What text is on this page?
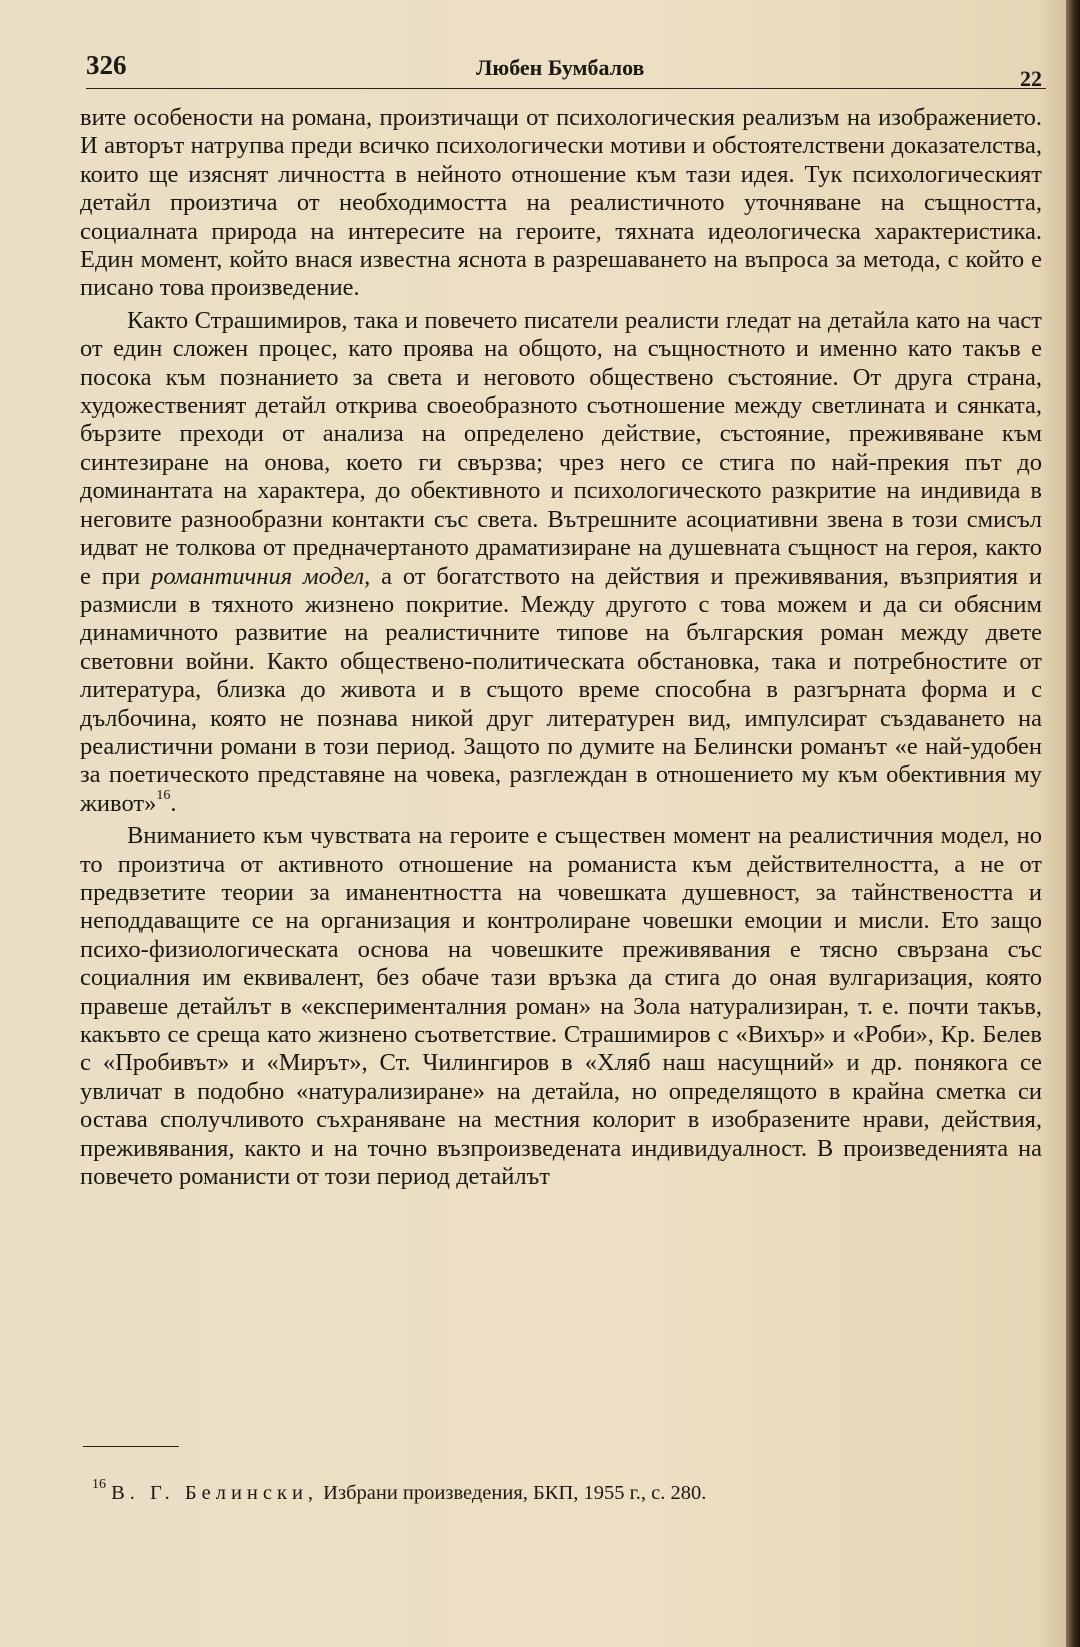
326	Любен Бумбалов	22

вите особености на романа, произтичащи от психологическия реализъм на изображението. И авторът натрупва преди всичко психологически мотиви и обстоятелствени доказателства, които ще изяснят личността в нейното отношение към тази идея. Тук психологическият детайл произтича от необходимостта на реалистичното уточняване на същността, социалната природа на интересите на героите, тяхната идеологическа характеристика. Един момент, който внася известна яснота в разрешаването на въпроса за метода, с който е писано това произведение.

Както Страшимиров, така и повечето писатели реалисти гледат на детайла като на част от един сложен процес, като проява на общото, на същностното и именно като такъв е посока към познанието за света и неговото обществено състояние. От друга страна, художественият детайл открива своеобразното съотношение между светлината и сянката, бързите преходи от анализа на определено действие, състояние, преживяване към синтезиране на онова, което ги свързва; чрез него се стига по най-прекия път до доминантата на характера, до обективното и психологическото разкритие на индивида в неговите разнообразни контакти със света. Вътрешните асоциативни звена в този смисъл идват не толкова от предначертаното драматизиране на душевната същност на героя, както е при романтичния модел, а от богатството на действия и преживявания, възприятия и размисли в тяхното жизнено покритие. Между другото с това можем и да си обясним динамичното развитие на реалистичните типове на българския роман между двете световни войни. Както обществено-политическата обстановка, така и потребностите от литература, близка до живота и в същото време способна в разгърната форма и с дълбочина, която не познава никой друг литературен вид, импулсират създаването на реалистични романи в този период. Защото по думите на Белински романът «е най-удобен за поетическото представяне на човека, разглеждан в отношението му към обективния му живот»$^{16}$.

Вниманието към чувствата на героите е съществен момент на реалистичния модел, но то произтича от активното отношение на романиста към действителността, а не от предвзетите теории за иманентността на човешката душевност, за тайнствеността и неподдаващите се на организация и контролиране човешки емоции и мисли. Ето защо психо-физиологическата основа на човешките преживявания е тясно свързана със социалния им еквивалент, без обаче тази връзка да стига до оная вулгаризация, която правеше детайлът в «експерименталния роман» на Зола натурализиран, т. е. почти такъв, какъвто се среща като жизнено съответствие. Страшимиров с «Вихър» и «Роби», Кр. Белев с «Пробивът» и «Мирът», Ст. Чилингиров в «Хляб наш насущний» и др. понякога се увличат в подобно «натурализиране» на детайла, но определящото в крайна сметка си остава сполучливото съхраняване на местния колорит в изобразените нрави, действия, преживявания, както и на точно възпроизведената индивидуалност. В произведенията на повечето романисти от този период детайлът

$^{16}$ В. Г. Белински, Избрани произведения, БКП, 1955 г., с. 280.
